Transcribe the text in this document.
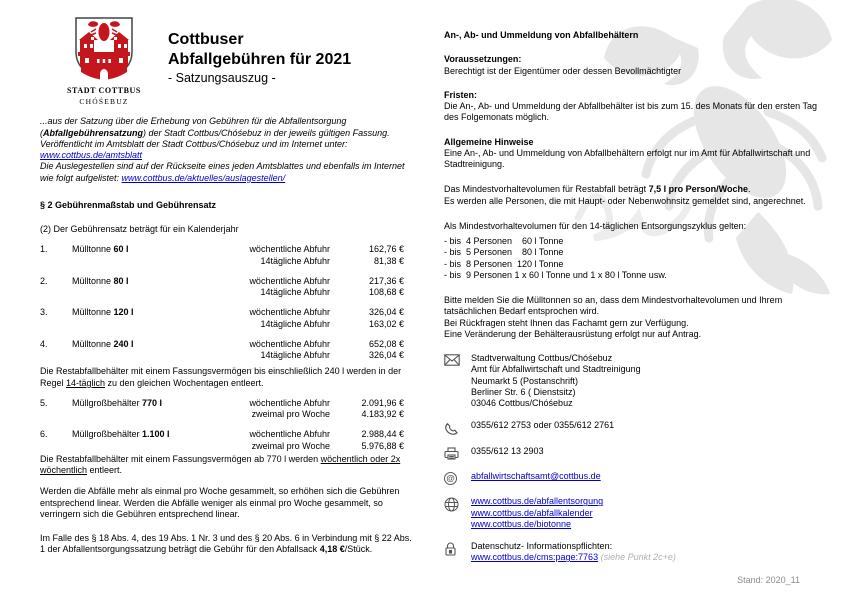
STADT COTTBUS
CHÓŚEBUZ
Cottbuser
Abfallgebühren für 2021
- Satzungsauszug -
...aus der Satzung über die Erhebung von Gebühren für die Abfallentsorgung (Abfallgebührensatzung) der Stadt Cottbus/Chóśebuz in der jeweils gültigen Fassung. Veröffentlicht im Amtsblatt der Stadt Cottbus/Chóśebuz und im Internet unter: www.cottbus.de/amtsblatt
Die Auslegestellen sind auf der Rückseite eines jeden Amtsblattes und ebenfalls im Internet wie folgt aufgelistet: www.cottbus.de/aktuelles/auslagestellen/
§ 2 Gebührenmaßstab und Gebührensatz
(2) Der Gebührensatz beträgt für ein Kalenderjahr
1.	Mülltonne 60 l	wöchentliche Abfuhr	162,76 €
14tägliche Abfuhr	81,38 €
2.	Mülltonne 80 l	wöchentliche Abfuhr	217,36 €
14tägliche Abfuhr	108,68 €
3.	Mülltonne 120 l	wöchentliche Abfuhr	326,04 €
14tägliche Abfuhr	163,02 €
4.	Mülltonne 240 l	wöchentliche Abfuhr	652,08 €
14tägliche Abfuhr	326,04 €
Die Restabfallbehälter mit einem Fassungsvermögen bis einschließlich 240 l werden in der Regel 14-täglich zu den gleichen Wochentagen entleert.
5.	Müllgroßbehälter 770 l	wöchentliche Abfuhr	2.091,96 €
zweimal pro Woche	4.183,92 €
6.	Müllgroßbehälter 1.100 l	wöchentliche Abfuhr	2.988,44 €
zweimal pro Woche	5.976,88 €
Die Restabfallbehälter mit einem Fassungsvermögen ab 770 l werden wöchentlich oder 2x wöchentlich entleert.
Werden die Abfälle mehr als einmal pro Woche gesammelt, so erhöhen sich die Gebühren entsprechend linear. Werden die Abfälle weniger als einmal pro Woche gesammelt, so verringern sich die Gebühren entsprechend linear.
Im Falle des § 18 Abs. 4, des 19 Abs. 1 Nr. 3 und des § 20 Abs. 6 in Verbindung mit § 22 Abs. 1 der Abfallentsorgungssatzung beträgt die Gebühr für den Abfallsack 4,18 €/Stück.
An-, Ab- und Ummeldung von Abfallbehältern
Voraussetzungen:
Berechtigt ist der Eigentümer oder dessen Bevollmächtigter
Fristen:
Die An-, Ab- und Ummeldung der Abfallbehälter ist bis zum 15. des Monats für den ersten Tag des Folgemonats möglich.
Allgemeine Hinweise
Eine An-, Ab- und Ummeldung von Abfallbehältern erfolgt nur im Amt für Abfallwirtschaft und Stadtreinigung.
Das Mindestvorhaltevolumen für Restabfall beträgt 7,5 l pro Person/Woche.
Es werden alle Personen, die mit Haupt- oder Nebenwohnsitz gemeldet sind, angerechnet.
Als Mindestvorhaltevolumen für den 14-täglichen Entsorgungszyklus gelten:
- bis  4 Personen    60 l Tonne
- bis  5 Personen    80 l Tonne
- bis  8 Personen  120 l Tonne
- bis  9 Personen 1 x 60 l Tonne und 1 x 80 l Tonne usw.
Bitte melden Sie die Mülltonnen so an, dass dem Mindestvorhaltevolumen und Ihrem tatsächlichen Bedarf entsprochen wird.
Bei Rückfragen steht Ihnen das Fachamt gern zur Verfügung.
Eine Veränderung der Behälterausrüstung erfolgt nur auf Antrag.
Stadtverwaltung Cottbus/Chóśebuz
Amt für Abfallwirtschaft und Stadtreinigung
Neumarkt 5 (Postanschrift)
Berliner Str. 6 ( Dienstsitz)
03046 Cottbus/Chóśebuz
0355/612 2753 oder 0355/612 2761
0355/612 13 2903
@	abfallwirtschaftsamt@cottbus.de
www.cottbus.de/abfallentsorgung
www.cottbus.de/abfallkalender
www.cottbus.de/biotonne
Datenschutz- Informationspflichten:
www.cottbus.de/cms:page:7763 (siehe Punkt 2c+e)
Stand: 2020_11
